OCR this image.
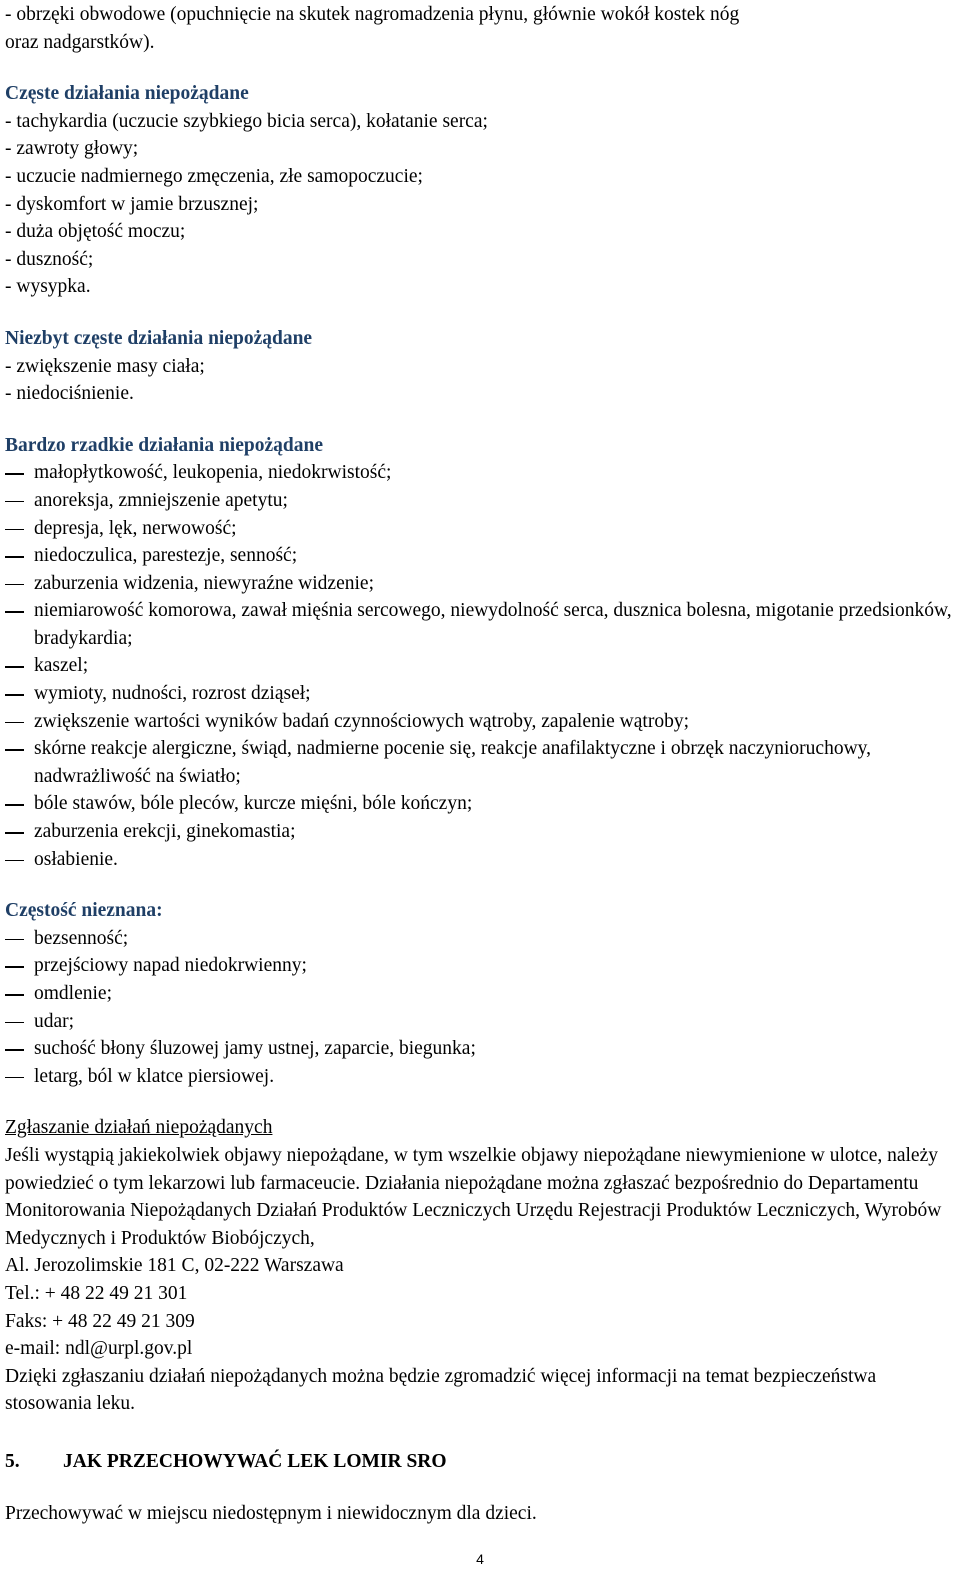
- obrzęki obwodowe (opuchnięcie na skutek nagromadzenia płynu, głównie wokół kostek nóg

oraz nadgarstków).

Częste działania niepożądane

- tachykardia (uczucie szybkiego bicia serca), kołatanie serca;

- zawroty głowy;

- uczucie nadmiernego zmęczenia, złe samopoczucie;

- dyskomfort w jamie brzusznej;

- duża objętość moczu;

- duszność;

- wysypka.

Niezbyt częste działania niepożądane

- zwiększenie masy ciała;

- niedociśnienie.

Bardzo rzadkie działania niepożądane

małopłytkowość, leukopenia, niedokrwistość;
anoreksja, zmniejszenie apetytu;
depresja, lęk, nerwowość;
niedoczulica, parestezje, senność;
zaburzenia widzenia, niewyraźne widzenie;
niemiarowość komorowa, zawał mięśnia sercowego, niewydolność serca, dusznica bolesna, migotanie przedsionków, bradykardia;
kaszel;
wymioty, nudności, rozrost dziąseł;
zwiększenie wartości wyników badań czynnościowych wątroby, zapalenie wątroby;
skórne reakcje alergiczne, świąd, nadmierne pocenie się, reakcje anafilaktyczne i obrzęk naczynioruchowy, nadwrażliwość na światło;
bóle stawów, bóle pleców, kurcze mięśni, bóle kończyn;
zaburzenia erekcji, ginekomastia;
osłabienie.

Częstość nieznana:

bezsenność;
przejściowy napad niedokrwienny;
omdlenie;
udar;
suchość błony śluzowej jamy ustnej, zaparcie, biegunka;
letarg, ból w klatce piersiowej.

Zgłaszanie działań niepożądanych

Jeśli wystąpią jakiekolwiek objawy niepożądane, w tym wszelkie objawy niepożądane niewymienione w ulotce, należy powiedzieć o tym lekarzowi lub farmaceucie. Działania niepożądane można zgłaszać bezpośrednio do Departamentu Monitorowania Niepożądanych Działań Produktów Leczniczych Urzędu Rejestracji Produktów Leczniczych, Wyrobów Medycznych i Produktów Biobójczych,

Al. Jerozolimskie 181 C, 02-222 Warszawa

Tel.: + 48 22 49 21 301

Faks: + 48 22 49 21 309

e-mail: ndl@urpl.gov.pl

Dzięki zgłaszaniu działań niepożądanych można będzie zgromadzić więcej informacji na temat bezpieczeństwa stosowania leku.

5. JAK PRZECHOWYWAĆ LEK LOMIR SRO

Przechowywać w miejscu niedostępnym i niewidocznym dla dzieci.

4
